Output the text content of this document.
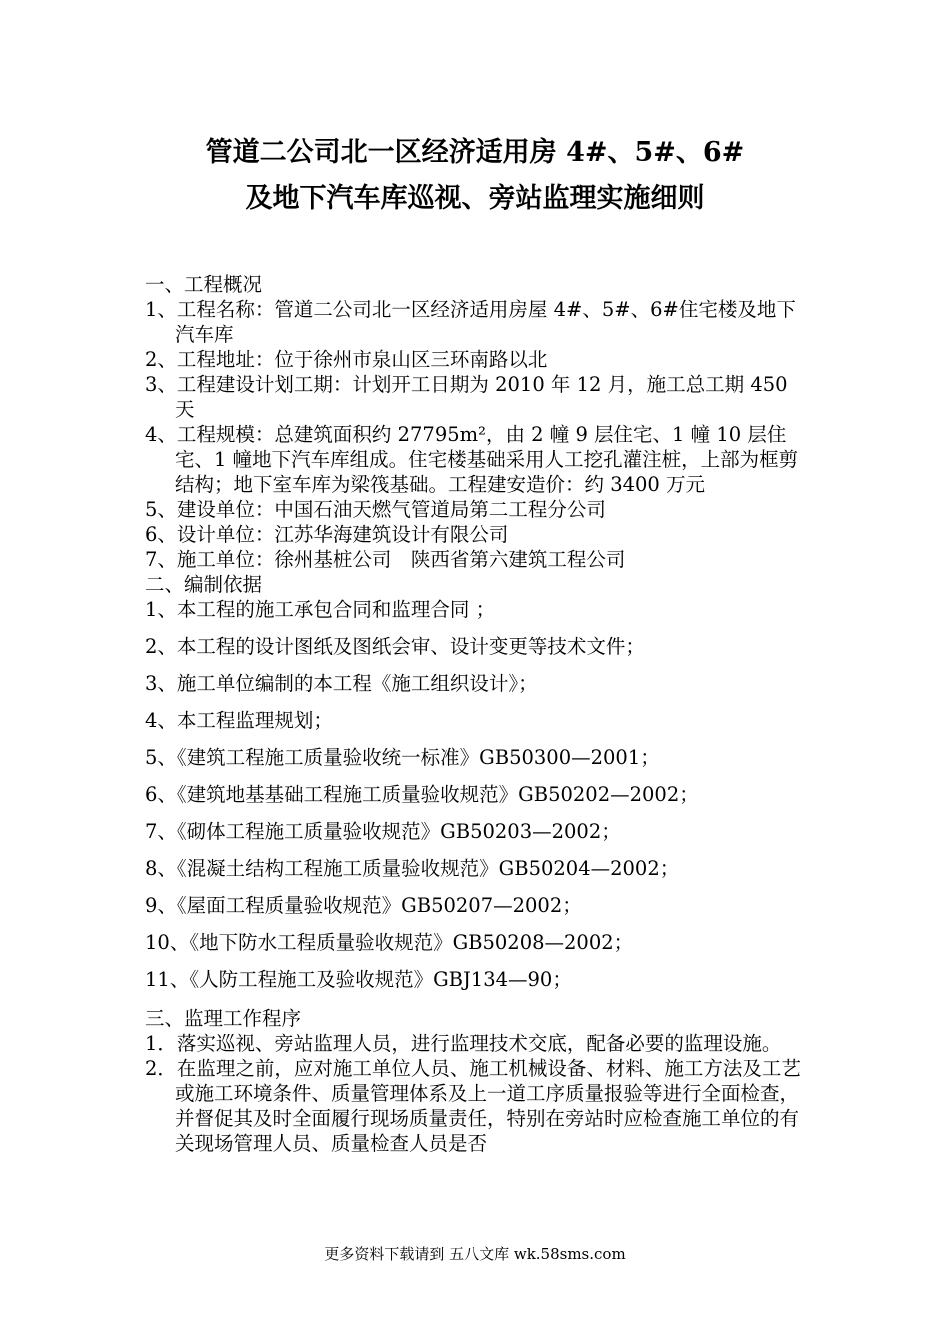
管道二公司北一区经济适用房 4#、5#、6#
及地下汽车库巡视、旁站监理实施细则

一、工程概况

1、工程名称：管道二公司北一区经济适用房屋 4#、5#、6#住宅楼及地下汽车库

2、工程地址：位于徐州市泉山区三环南路以北

3、工程建设计划工期：计划开工日期为 2010 年 12 月，施工总工期 450 天

4、工程规模：总建筑面积约 27795m²，由 2 幢 9 层住宅、1 幢 10 层住宅、1 幢地下汽车库组成。住宅楼基础采用人工挖孔灌注桩，上部为框剪结构；地下室车库为梁筏基础。工程建安造价：约 3400 万元

5、建设单位：中国石油天燃气管道局第二工程分公司

6、设计单位：江苏华海建筑设计有限公司

7、施工单位：徐州基桩公司　陕西省第六建筑工程公司

二、编制依据

1、本工程的施工承包合同和监理合同 ；

2、本工程的设计图纸及图纸会审、设计变更等技术文件；

3、施工单位编制的本工程《施工组织设计》；

4、本工程监理规划；

5、《建筑工程施工质量验收统一标准》GB50300—2001；

6、《建筑地基基础工程施工质量验收规范》GB50202—2002；

7、《砌体工程施工质量验收规范》GB50203—2002；

8、《混凝土结构工程施工质量验收规范》GB50204—2002；

9、《屋面工程质量验收规范》GB50207—2002；

10、《地下防水工程质量验收规范》GB50208—2002；

11、《人防工程施工及验收规范》GBJ134—90；

三、监理工作程序

1．落实巡视、旁站监理人员，进行监理技术交底，配备必要的监理设施。

2．在监理之前，应对施工单位人员、施工机械设备、材料、施工方法及工艺或施工环境条件、质量管理体系及上一道工序质量报验等进行全面检查，并督促其及时全面履行现场质量责任，特别在旁站时应检查施工单位的有关现场管理人员、质量检查人员是否

更多资料下载请到 五八文库 wk.58sms.com
